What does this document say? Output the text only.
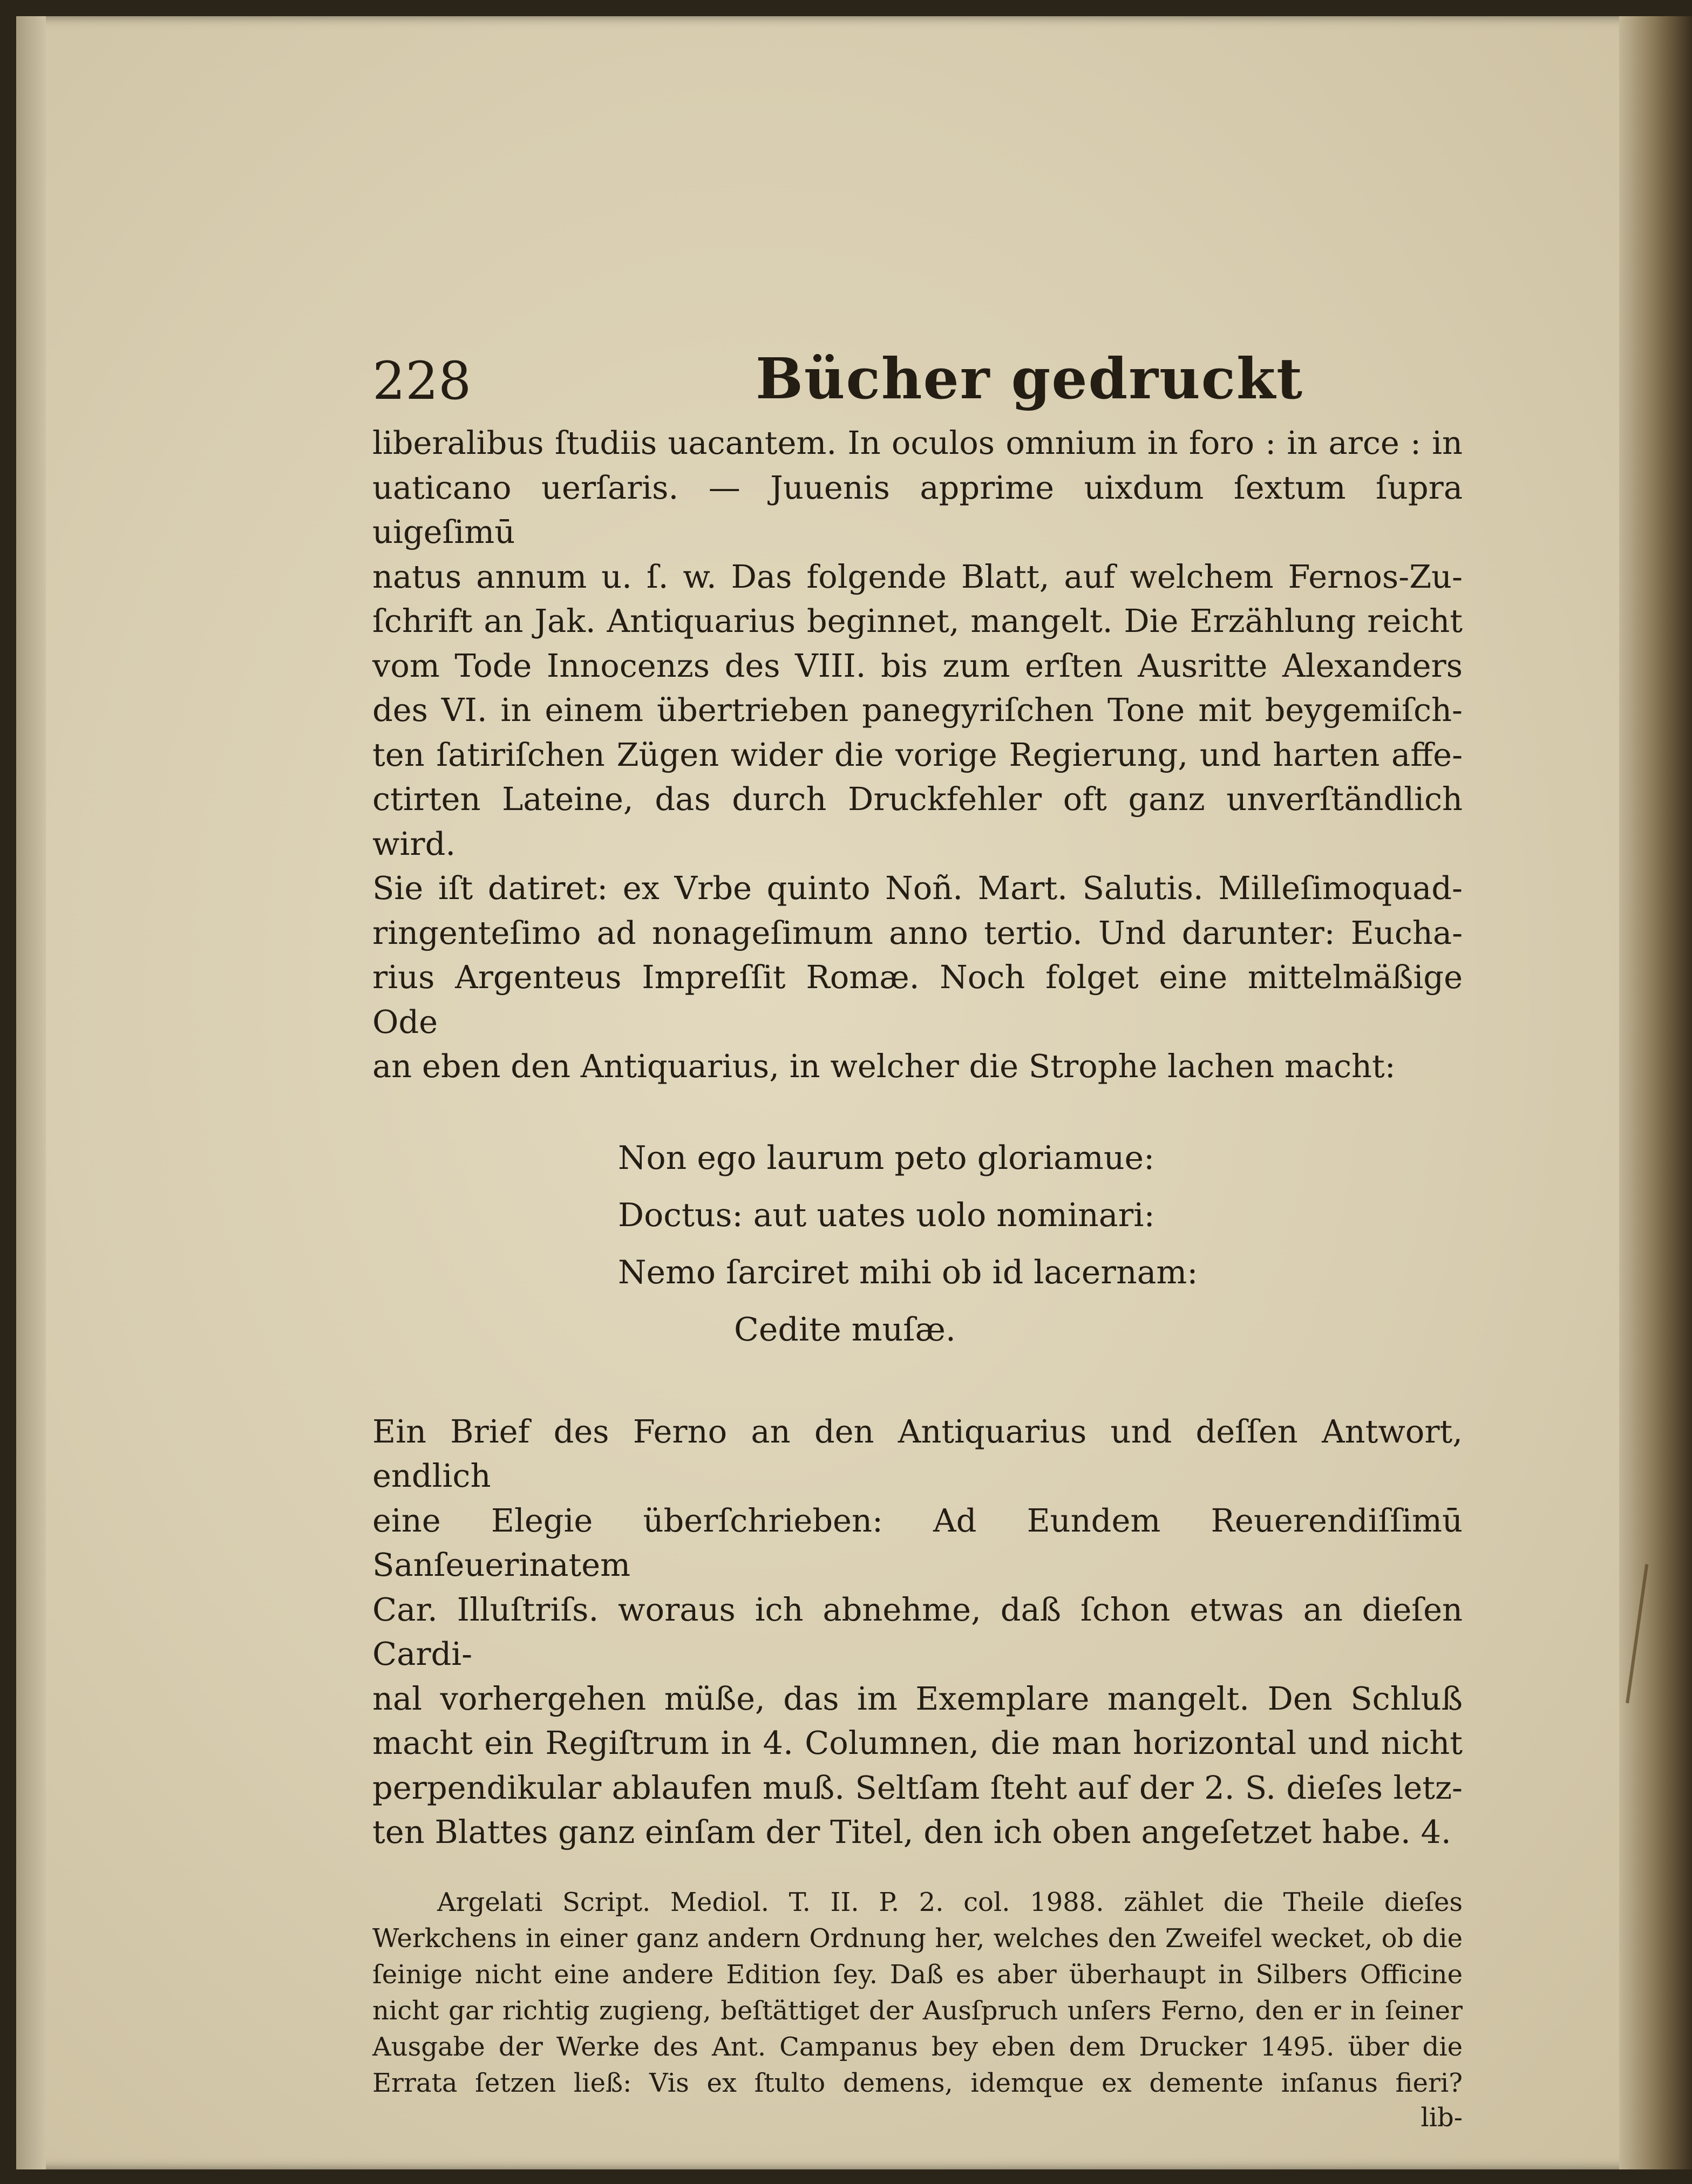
228	Bücher gedruckt

liberalibus ſtudiis uacantem. In oculos omnium in foro : in arce : in

uaticano uerſaris. — Juuenis apprime uixdum ſextum ſupra uigeſimū

natus annum u. ſ. w. Das folgende Blatt, auf welchem Fernos-Zu-

ſchrift an Jak. Antiquarius beginnet, mangelt. Die Erzählung reicht

vom Tode Innocenzs des VIII. bis zum erſten Ausritte Alexanders

des VI. in einem übertrieben panegyriſchen Tone mit beygemiſch-

ten ſatiriſchen Zügen wider die vorige Regierung, und harten affe-

ctirten Lateine, das durch Druckfehler oft ganz unverſtändlich wird.

Sie iſt datiret: ex Vrbe quinto Noñ. Mart. Salutis. Milleſimoquad-

ringenteſimo ad nonageſimum anno tertio. Und darunter: Eucha-

rius Argenteus Impreſſit Romæ. Noch folget eine mittelmäßige Ode

an eben den Antiquarius, in welcher die Strophe lachen macht:

Non ego laurum peto gloriamue:
Doctus: aut uates uolo nominari:
Nemo ſarciret mihi ob id lacernam:
Cedite muſæ.

Ein Brief des Ferno an den Antiquarius und deſſen Antwort, endlich

eine Elegie überſchrieben: Ad Eundem Reuerendiſſimū Sanſeuerinatem

Car. Illuſtriſs. woraus ich abnehme, daß ſchon etwas an dieſen Cardi-

nal vorhergehen müße, das im Exemplare mangelt. Den Schluß

macht ein Regiſtrum in 4. Columnen, die man horizontal und nicht

perpendikular ablaufen muß. Seltſam ſteht auf der 2. S. dieſes letz-

ten Blattes ganz einſam der Titel, den ich oben angeſetzet habe. 4.

Argelati Script. Mediol. T. II. P. 2. col. 1988. zählet die Theile dieſes

Werkchens in einer ganz andern Ordnung her, welches den Zweifel wecket, ob die

ſeinige nicht eine andere Edition ſey. Daß es aber überhaupt in Silbers Officine

nicht gar richtig zugieng, beſtättiget der Ausſpruch unſers Ferno, den er in ſeiner

Ausgabe der Werke des Ant. Campanus bey eben dem Drucker 1495. über die

Errata ſetzen ließ: Vis ex ſtulto demens, idemque ex demente inſanus fieri?

lib-
